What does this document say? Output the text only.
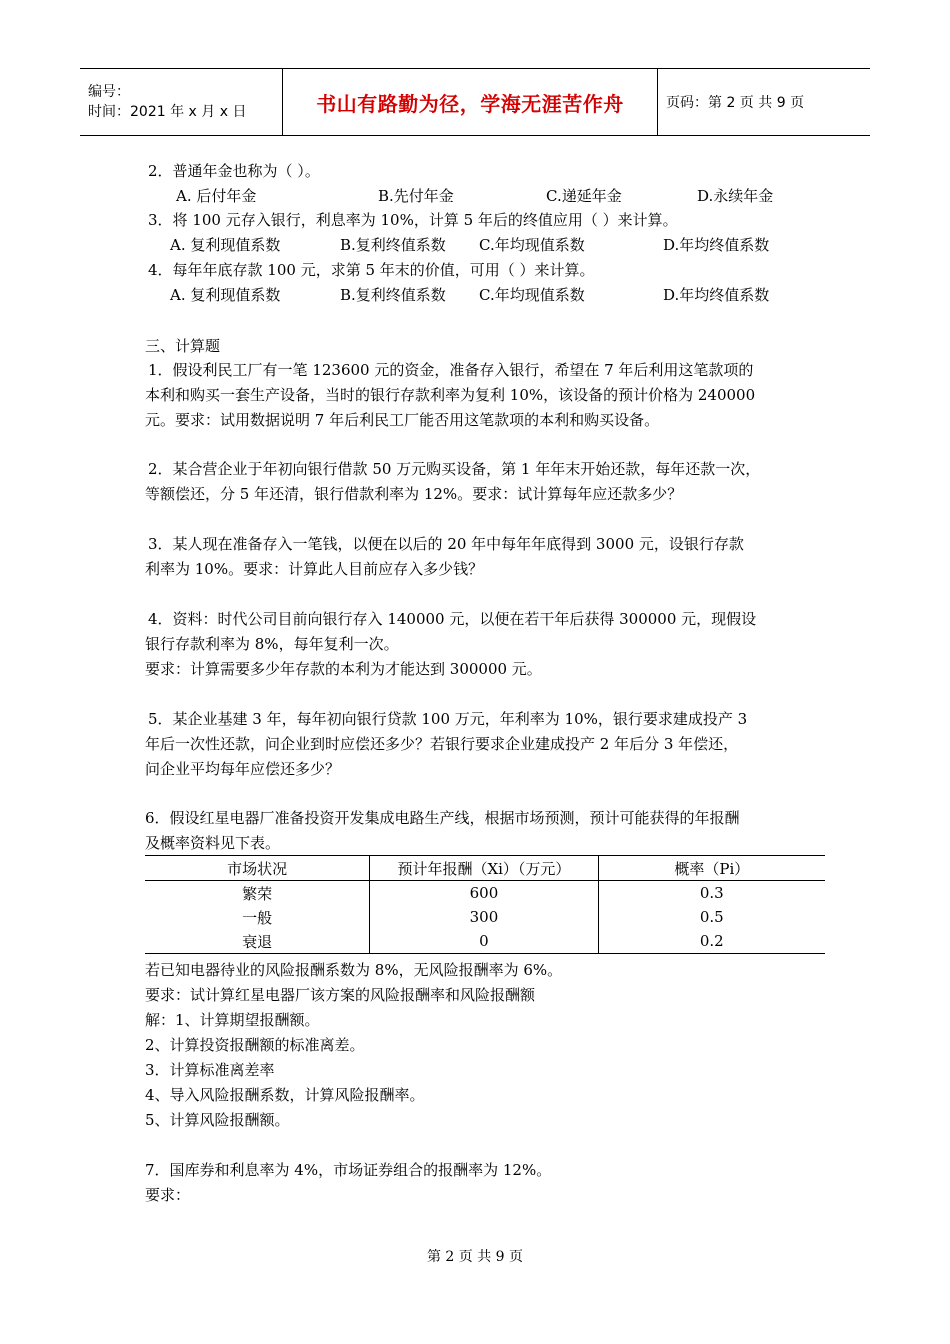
编号：
时间：2021 年 x 月 x 日	书山有路勤为径，学海无涯苦作舟	页码：第 2 页 共 9 页
2．普通年金也称为（ ）。
A. 后付年金	B.先付年金	C.递延年金	D.永续年金
3．将 100 元存入银行，利息率为 10%，计算 5 年后的终值应用（ ）来计算。
A. 复利现值系数	B.复利终值系数 C.年均现值系数	D.年均终值系数
4．每年年底存款 100 元，求第 5 年末的价值，可用（ ）来计算。
A. 复利现值系数	B.复利终值系数 C.年均现值系数	D.年均终值系数
三、计算题
1．假设利民工厂有一笔 123600 元的资金，准备存入银行，希望在 7 年后利用这笔款项的
本利和购买一套生产设备，当时的银行存款利率为复利 10%，该设备的预计价格为 240000
元。要求：试用数据说明 7 年后利民工厂能否用这笔款项的本利和购买设备。
2．某合营企业于年初向银行借款 50 万元购买设备，第 1 年年末开始还款，每年还款一次，
等额偿还，分 5 年还清，银行借款利率为 12%。要求：试计算每年应还款多少？
3．某人现在准备存入一笔钱，以便在以后的 20 年中每年年底得到 3000 元，设银行存款
利率为 10%。要求：计算此人目前应存入多少钱？
4．资料：时代公司目前向银行存入 140000 元，以便在若干年后获得 300000 元，现假设
银行存款利率为 8%，每年复利一次。
要求：计算需要多少年存款的本利为才能达到 300000 元。
5．某企业基建 3 年，每年初向银行贷款 100 万元，年利率为 10%，银行要求建成投产 3
年后一次性还款，问企业到时应偿还多少？若银行要求企业建成投产 2 年后分 3 年偿还，
问企业平均每年应偿还多少？
6．假设红星电器厂准备投资开发集成电路生产线，根据市场预测，预计可能获得的年报酬
及概率资料见下表。
市场状况	预计年报酬（Xi）（万元）	概率（Pi）
繁荣	600	0.3
一般	300	0.5
衰退	0	0.2
若已知电器待业的风险报酬系数为 8%，无风险报酬率为 6%。
要求：试计算红星电器厂该方案的风险报酬率和风险报酬额
解：1、计算期望报酬额。
2、计算投资报酬额的标准离差。
3．计算标准离差率
4、导入风险报酬系数，计算风险报酬率。
5、计算风险报酬额。
7．国库券和利息率为 4%，市场证券组合的报酬率为 12%。
要求：
第 2 页 共 9 页
